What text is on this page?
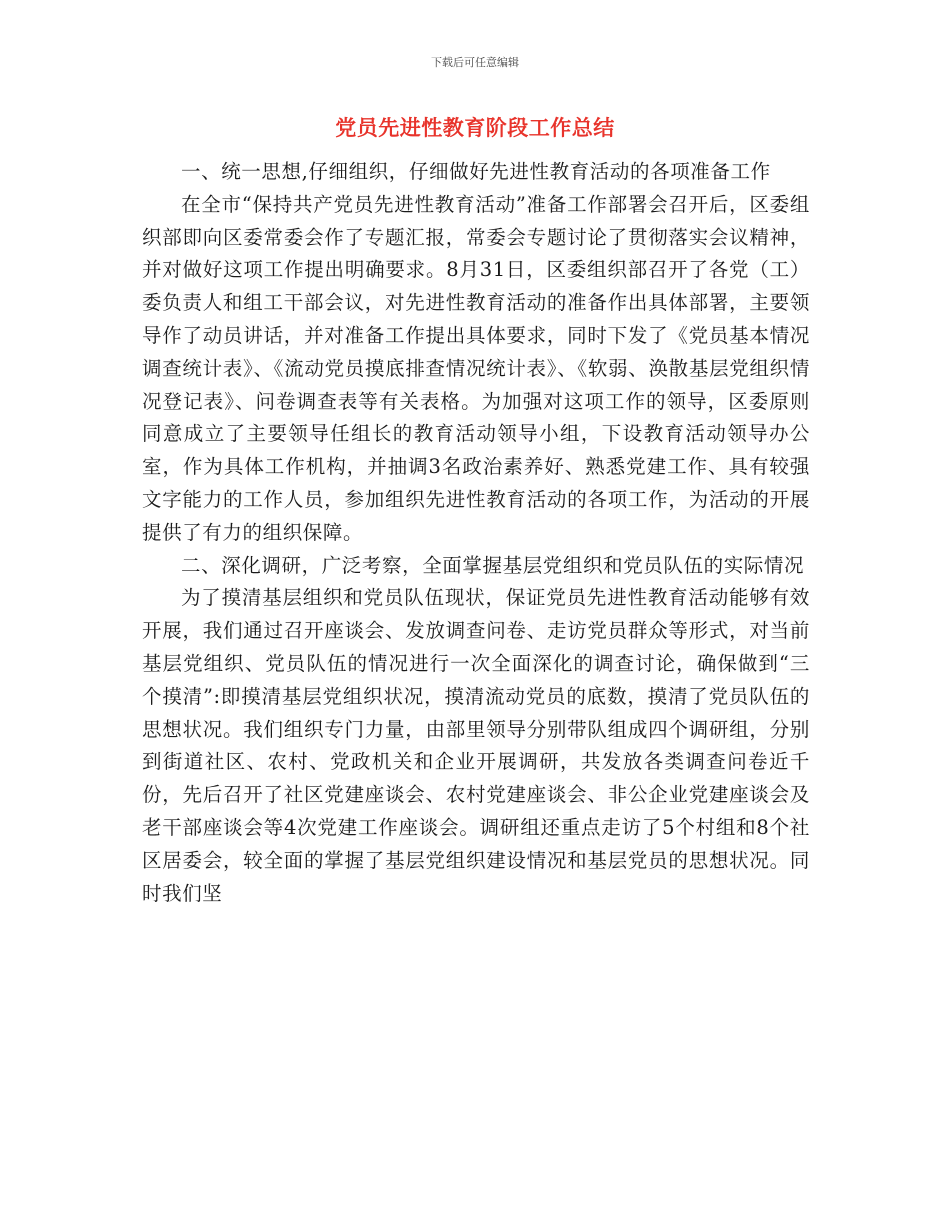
下载后可任意编辑
党员先进性教育阶段工作总结

一、统一思想,仔细组织，仔细做好先进性教育活动的各项准备工作

在全市“保持共产党员先进性教育活动”准备工作部署会召开后，区委组织部即向区委常委会作了专题汇报，常委会专题讨论了贯彻落实会议精神，并对做好这项工作提出明确要求。8月31日，区委组织部召开了各党（工）委负责人和组工干部会议，对先进性教育活动的准备作出具体部署，主要领导作了动员讲话，并对准备工作提出具体要求，同时下发了《党员基本情况调查统计表》、《流动党员摸底排查情况统计表》、《软弱、涣散基层党组织情况登记表》、问卷调查表等有关表格。为加强对这项工作的领导，区委原则同意成立了主要领导任组长的教育活动领导小组，下设教育活动领导办公室，作为具体工作机构，并抽调3名政治素养好、熟悉党建工作、具有较强文字能力的工作人员，参加组织先进性教育活动的各项工作，为活动的开展提供了有力的组织保障。

二、深化调研，广泛考察，全面掌握基层党组织和党员队伍的实际情况

为了摸清基层组织和党员队伍现状，保证党员先进性教育活动能够有效开展，我们通过召开座谈会、发放调查问卷、走访党员群众等形式，对当前基层党组织、党员队伍的情况进行一次全面深化的调查讨论，确保做到“三个摸清”:即摸清基层党组织状况，摸清流动党员的底数，摸清了党员队伍的思想状况。我们组织专门力量，由部里领导分别带队组成四个调研组，分别到街道社区、农村、党政机关和企业开展调研，共发放各类调查问卷近千份，先后召开了社区党建座谈会、农村党建座谈会、非公企业党建座谈会及老干部座谈会等4次党建工作座谈会。调研组还重点走访了5个村组和8个社区居委会，较全面的掌握了基层党组织建设情况和基层党员的思想状况。同时我们坚
